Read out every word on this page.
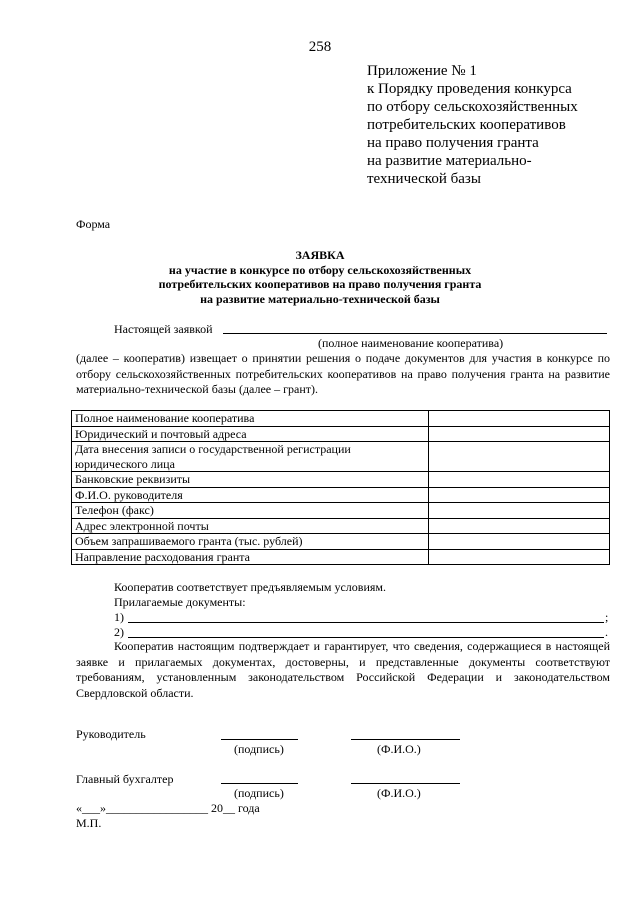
258
Приложение № 1
к Порядку проведения конкурса
по отбору сельскохозяйственных
потребительских кооперативов
на право получения гранта
на развитие материально-
технической базы
Форма
ЗАЯВКА
на участие в конкурсе по отбору сельскохозяйственных
потребительских кооперативов на право получения гранта
на развитие материально-технической базы
Настоящей заявкой
(полное наименование кооператива)
(далее – кооператив) извещает о принятии решения о подаче документов для участия в конкурсе по отбору сельскохозяйственных потребительских кооперативов на право получения гранта на развитие материально-технической базы (далее – грант).
Полное наименование кооператива	
Юридический и почтовый адреса	
Дата внесения записи о государственной регистрации юридического лица	
Банковские реквизиты	
Ф.И.О. руководителя	
Телефон (факс)	
Адрес электронной почты	
Объем запрашиваемого гранта (тыс. рублей)	
Направление расходования гранта	
Кооператив соответствует предъявляемым условиям.
Прилагаемые документы:
1)	;
2)	.
Кооператив настоящим подтверждает и гарантирует, что сведения, содержащиеся в настоящей заявке и прилагаемых документах, достоверны, и представленные документы соответствуют требованиям, установленным законодательством Российской Федерации и законодательством Свердловской области.
Руководитель
(подпись)	(Ф.И.О.)
Главный бухгалтер
(подпись)	(Ф.И.О.)
«___»_________________ 20__ года
М.П.
